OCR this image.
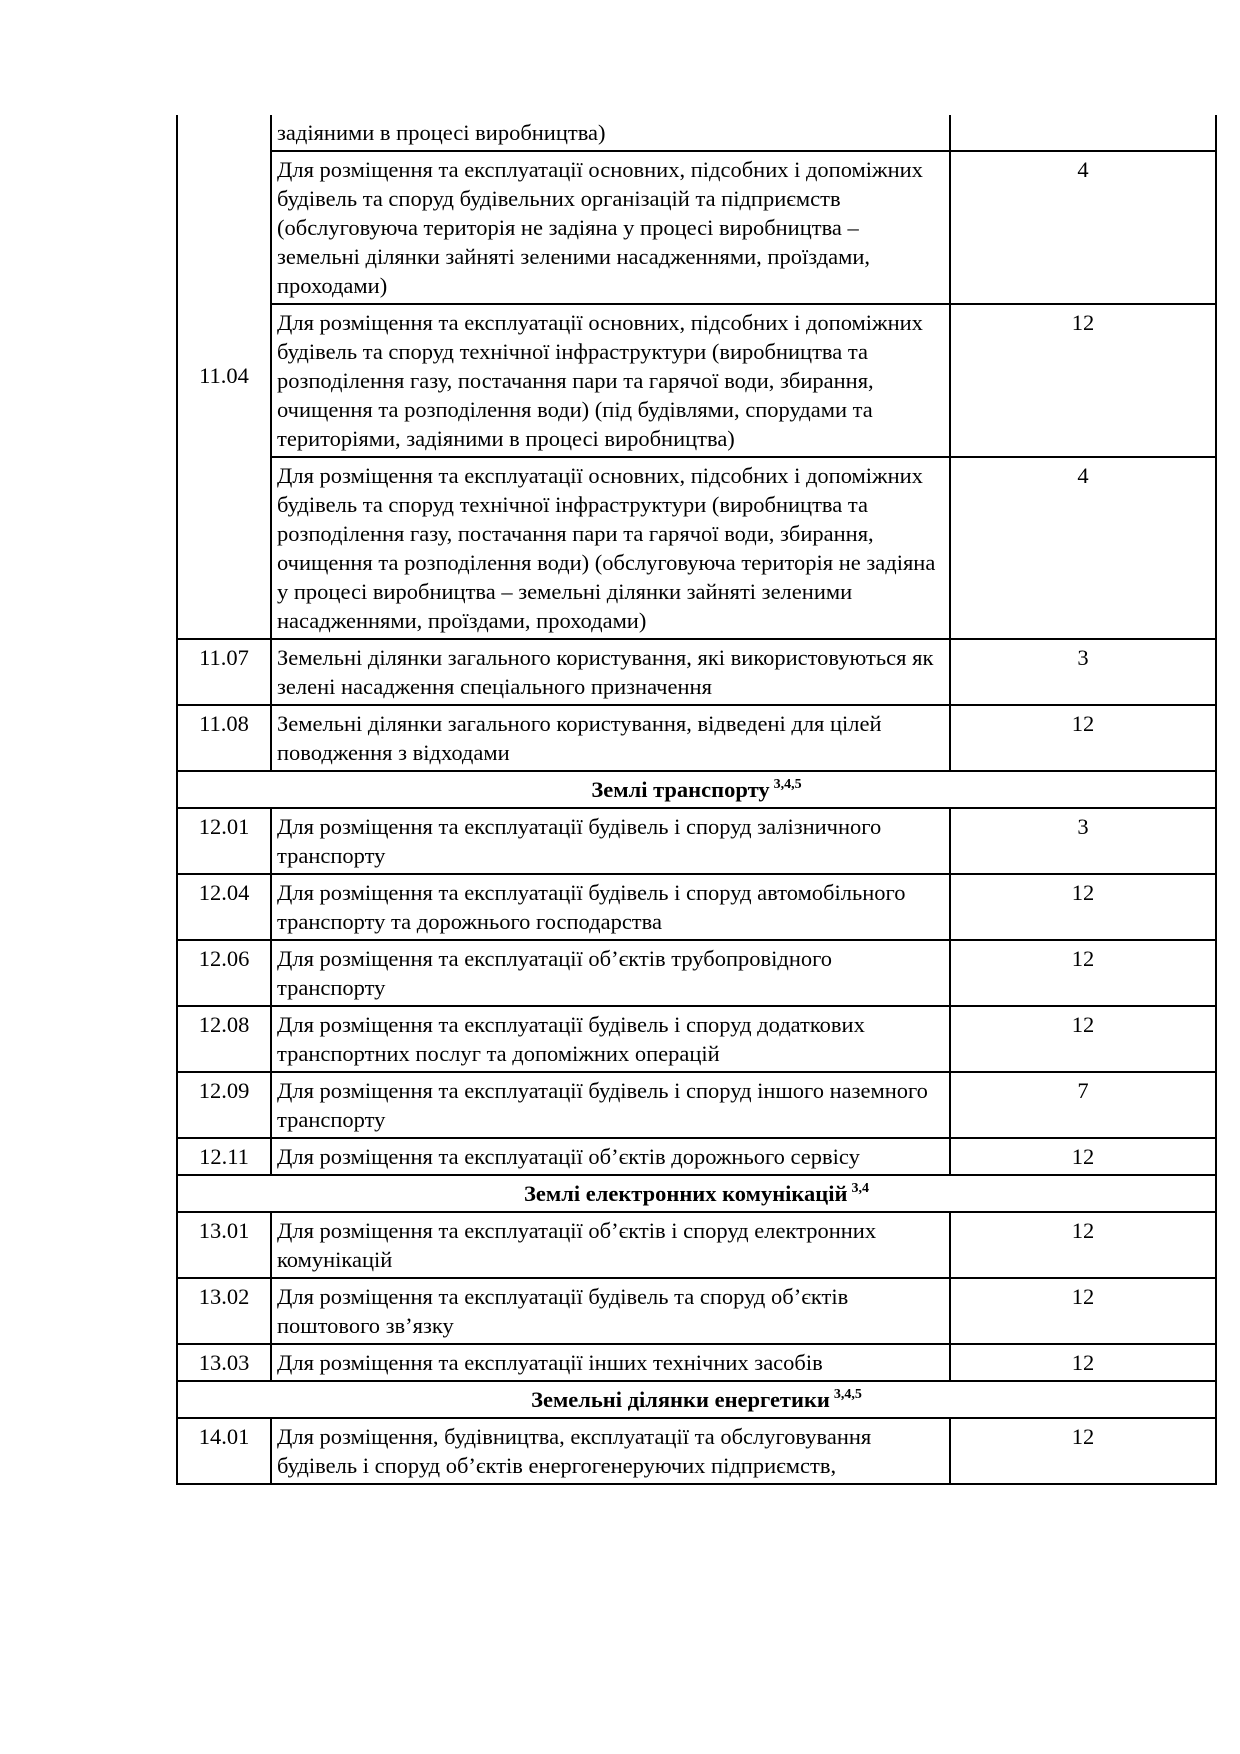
11.04	задіяними в процесі виробництва)	
	Для розміщення та експлуатації основних, підсобних і допоміжних будівель та споруд будівельних організацій та підприємств (обслуговуюча територія не задіяна у процесі виробництва – земельні ділянки зайняті зеленими насадженнями, проїздами, проходами)	4
	Для розміщення та експлуатації основних, підсобних і допоміжних будівель та споруд технічної інфраструктури (виробництва та розподілення газу, постачання пари та гарячої води, збирання, очищення та розподілення води) (під будівлями, спорудами та територіями, задіяними в процесі виробництва)	12
	Для розміщення та експлуатації основних, підсобних і допоміжних будівель та споруд технічної інфраструктури (виробництва та розподілення газу, постачання пари та гарячої води, збирання, очищення та розподілення води) (обслуговуюча територія не задіяна у процесі виробництва – земельні ділянки зайняті зеленими насадженнями, проїздами, проходами)	4
11.07	Земельні ділянки загального користування, які використовуються як зелені насадження спеціального призначення	3
11.08	Земельні ділянки загального користування, відведені для цілей поводження з відходами	12
Землі транспорту $^{3,4,5}$
12.01	Для розміщення та експлуатації будівель і споруд залізничного транспорту	3
12.04	Для розміщення та експлуатації будівель і споруд автомобільного транспорту та дорожнього господарства	12
12.06	Для розміщення та експлуатації об’єктів трубопровідного транспорту	12
12.08	Для розміщення та експлуатації будівель і споруд додаткових транспортних послуг та допоміжних операцій	12
12.09	Для розміщення та експлуатації будівель і споруд іншого наземного транспорту	7
12.11	Для розміщення та експлуатації об’єктів дорожнього сервісу	12
Землі електронних комунікацій $^{3,4}$
13.01	Для розміщення та експлуатації об’єктів і споруд електронних комунікацій	12
13.02	Для розміщення та експлуатації будівель та споруд об’єктів поштового зв’язку	12
13.03	Для розміщення та експлуатації інших технічних засобів	12
Земельні ділянки енергетики $^{3,4,5}$
14.01	Для розміщення, будівництва, експлуатації та обслуговування будівель і споруд об’єктів енергогенеруючих підприємств,	12
